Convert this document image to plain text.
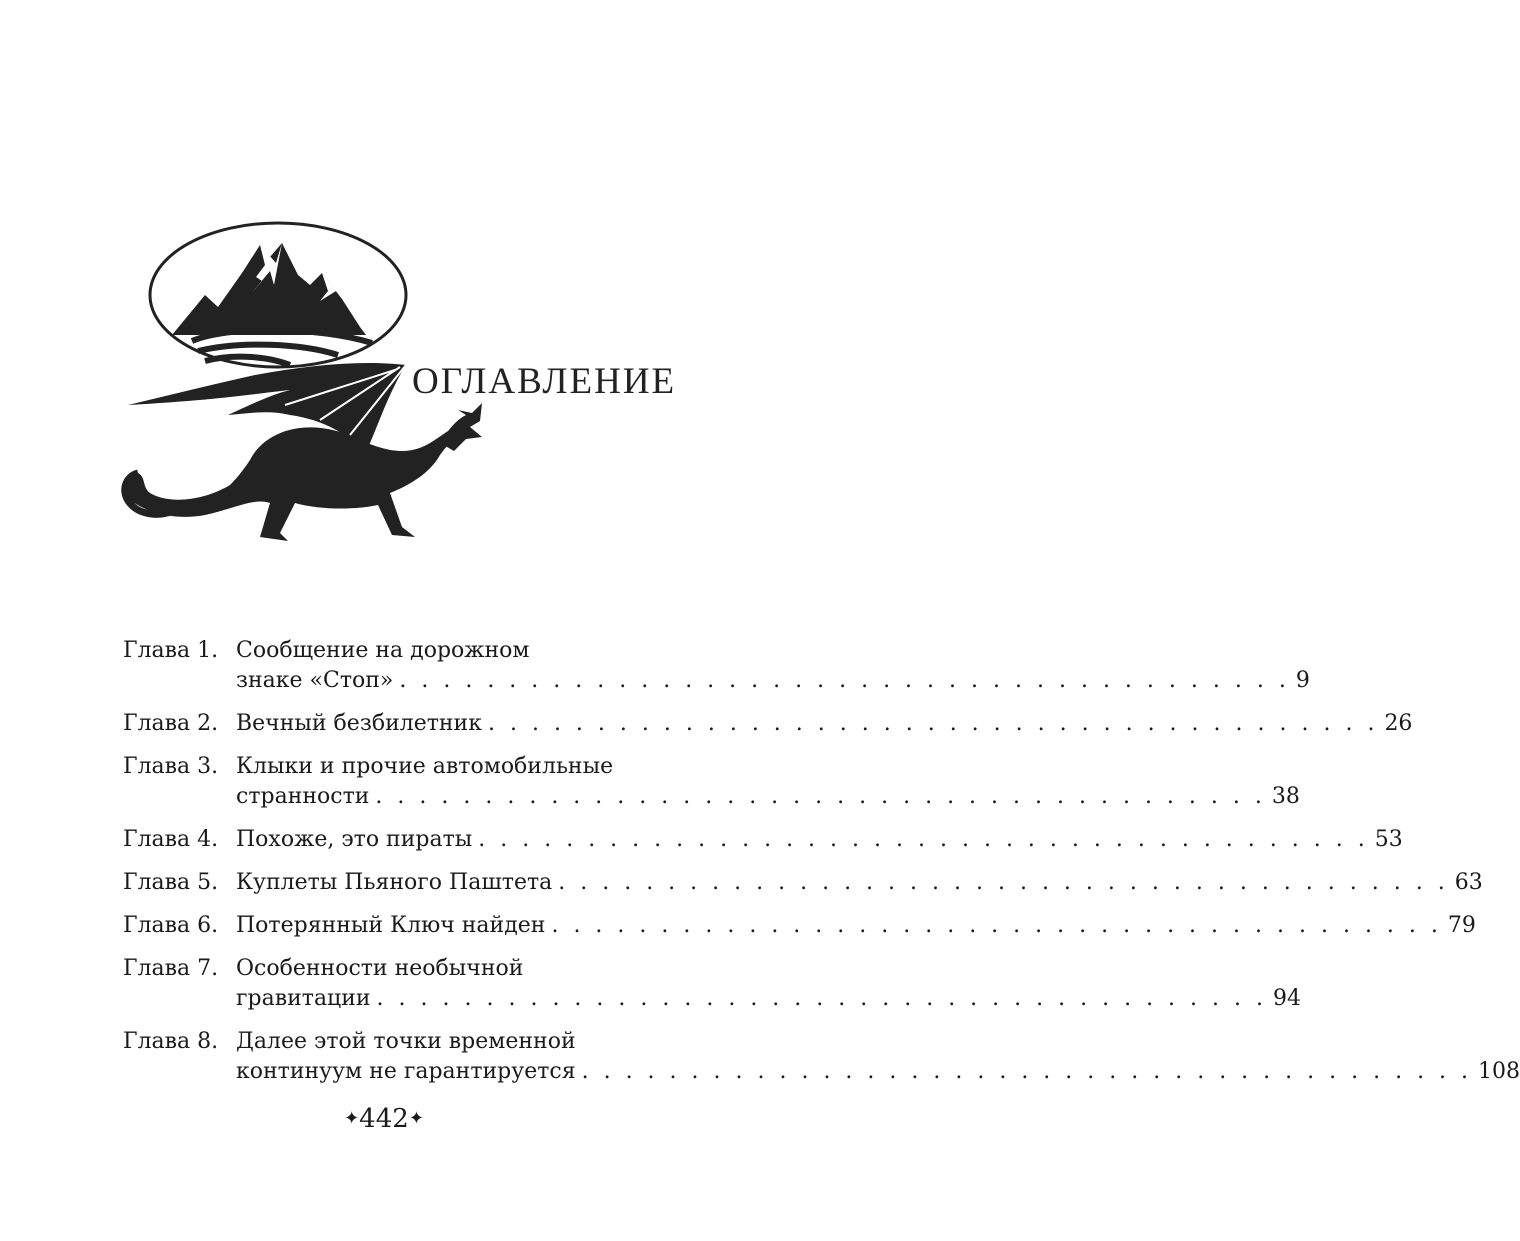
ОГЛАВЛЕНИЕ
Глава 1. Сообщение на дорожном
знаке «Стоп» . . .	9
Глава 2. Вечный безбилетник . . .	26
Глава 3. Клыки и прочие автомобильные
странности . . .	38
Глава 4. Похоже, это пираты . . .	53
Глава 5. Куплеты Пьяного Паштета . . .	63
Глава 6. Потерянный Ключ найден . . .	79
Глава 7. Особенности необычной
гравитации . . .	94
Глава 8. Далее этой точки временной
континуум не гарантируется . . .	108
✦442✦
